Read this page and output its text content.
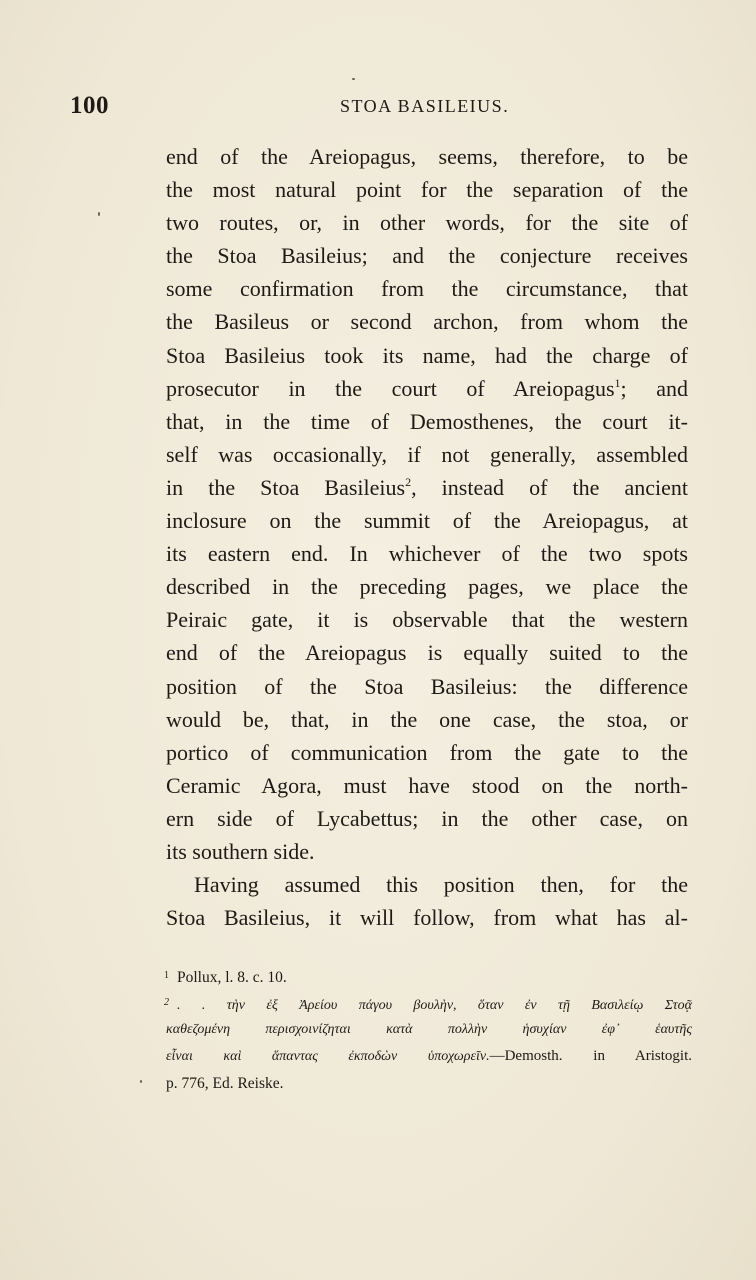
100	STOA BASILEIUS.
end of the Areiopagus, seems, therefore, to be
the most natural point for the separation of the
two routes, or, in other words, for the site of
the Stoa Basileius; and the conjecture receives
some confirmation from the circumstance, that
the Basileus or second archon, from whom the
Stoa Basileius took its name, had the charge of
prosecutor in the court of Areiopagus$^1$; and
that, in the time of Demosthenes, the court it-
self was occasionally, if not generally, assembled
in the Stoa Basileius$^2$, instead of the ancient
inclosure on the summit of the Areiopagus, at
its eastern end. In whichever of the two spots
described in the preceding pages, we place the
Peiraic gate, it is observable that the western
end of the Areiopagus is equally suited to the
position of the Stoa Basileius: the difference
would be, that, in the one case, the stoa, or
portico of communication from the gate to the
Ceramic Agora, must have stood on the north-
ern side of Lycabettus; in the other case, on
its southern side.
Having assumed this position then, for the
Stoa Basileius, it will follow, from what has al-
$^1$ Pollux, l. 8. c. 10.
$^2$ . . τὴν ἐξ Ἀρείου πάγου βουλὴν, ὅταν ἐν τῇ Βασιλείῳ Στοᾷ
καθεζομένη περισχοινίζηται κατὰ πολλὴν ἡσυχίαν ἐφ᾽ ἑαυτῆς
εἶναι καὶ ἅπαντας ἐκποδὼν ὑποχωρεῖν.—Demosth. in Aristogit.
p. 776, Ed. Reiske.
